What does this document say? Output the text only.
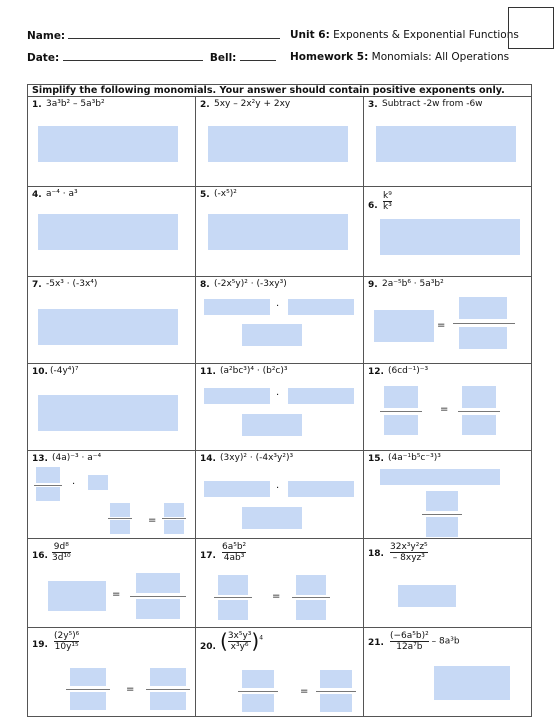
Name:	Unit 6: Exponents & Exponential Functions
Date:	Bell:	Homework 5: Monomials: All Operations
Simplify the following monomials. Your answer should contain positive exponents only.
1. 3a³b² – 5a³b²	2. 5xy – 2x²y + 2xy	3. Subtract -2w from -6w
4. a⁻⁴ · a³	5. (-x⁵)²
6. $\frac{\text{k⁹}}{\text{k³}}$
7. -5x³ · (-3x⁴)	8. (-2x⁵y)² · (-3xy³)
·
9. 2a⁻⁵b⁶ · 5a³b²
=
10. (-4y⁴)⁷	11. (a²bc³)⁴ · (b²c)³
·
12. (6cd⁻¹)⁻³
=
13. (4a)⁻³ · a⁻⁴
·
=
14. (3xy)² · (-4x³y²)³
·
15. (4a⁻¹b⁵c⁻³)³
16. $\frac{\text{9d⁸}}{\text{3d¹⁰}}$
=
17. $\frac{\text{6a⁵b²}}{\text{4ab³}}$
=
18. $\frac{\text{32x³y²z⁵}}{\text{– 8xyz³}}$
19. $\frac{\text{(2y⁵)⁶}}{\text{10y¹⁵}}$
=
20. ( $\frac{\text{3x⁵y³}}{\text{x³y⁶}} )^4$
=
21. $\frac{\text{(−6a⁵b)²}}{\text{12a⁷b}} - 8a^3b$
